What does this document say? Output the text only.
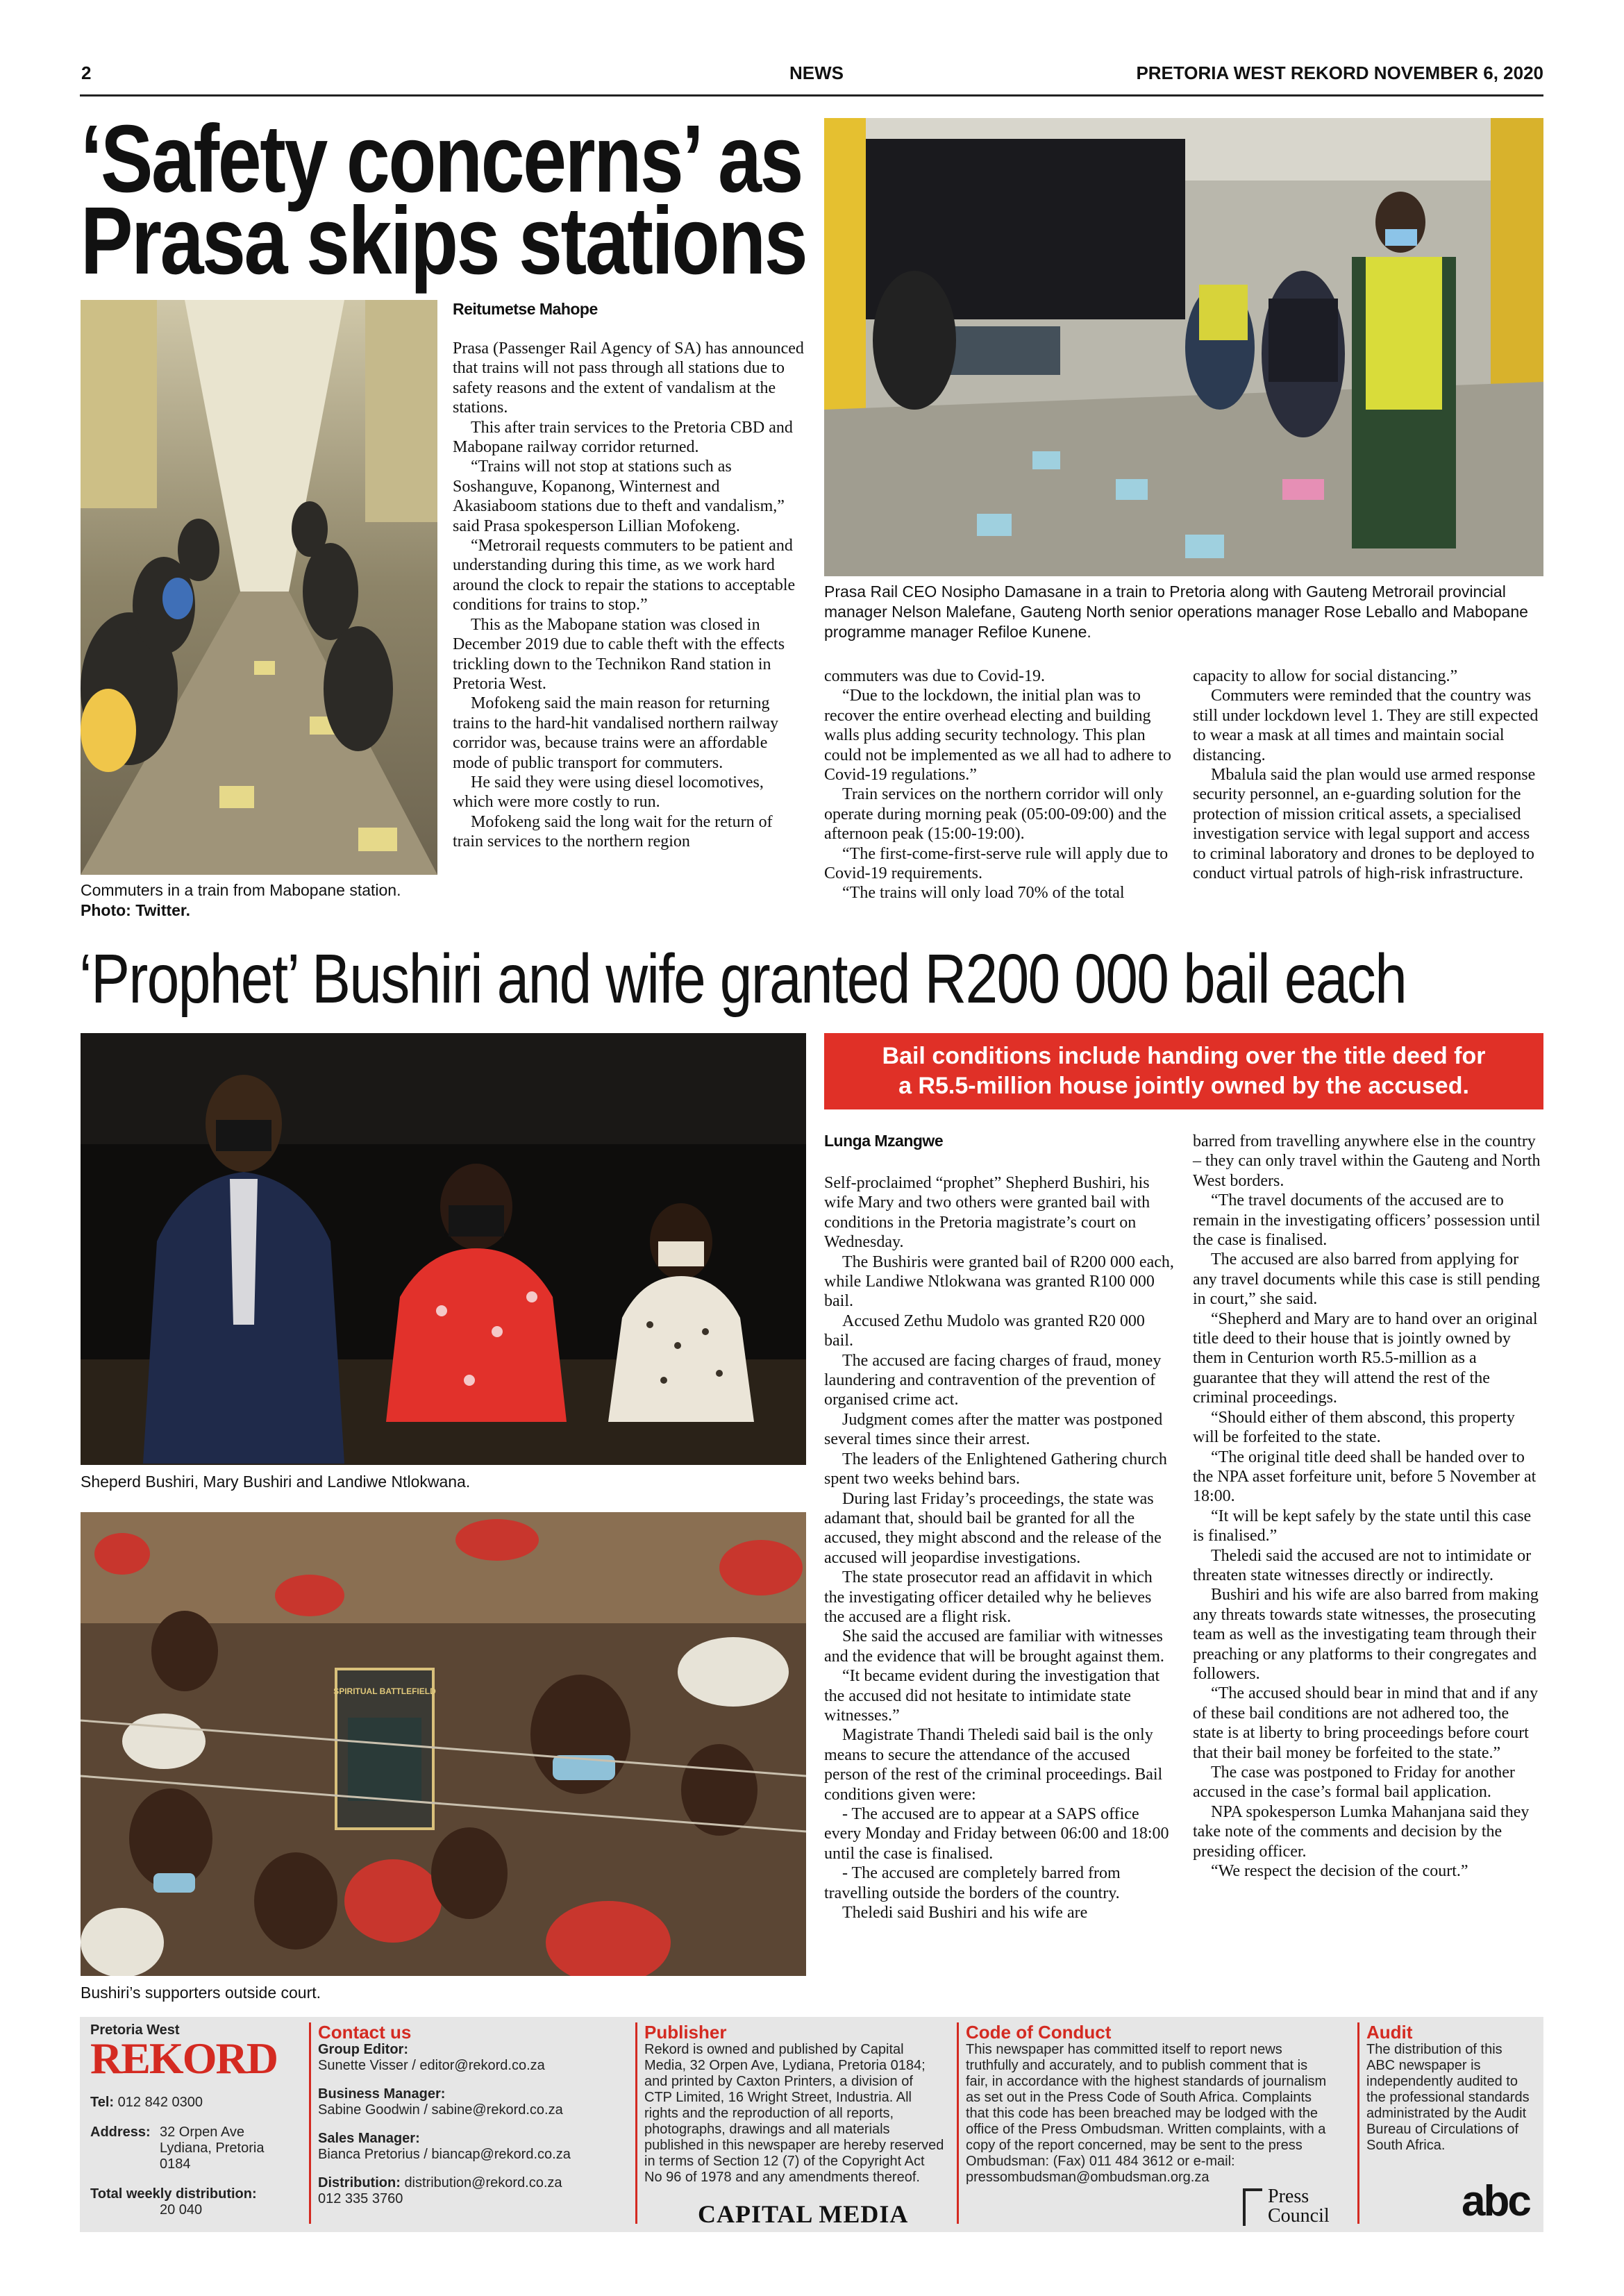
2	NEWS	PRETORIA WEST REKORD NOVEMBER 6, 2020
‘Safety concerns’ as
Prasa skips stations
Commuters in a train from Mabopane station. Photo: Twitter.
Reitumetse Mahope

Prasa (Passenger Rail Agency of SA) has announced that trains will not pass through all stations due to safety reasons and the extent of vandalism at the stations.

This after train services to the Pretoria CBD and Mabopane railway corridor returned.

“Trains will not stop at stations such as Soshanguve, Kopanong, Winternest and Akasiaboom stations due to theft and vandalism,” said Prasa spokesperson Lillian Mofokeng.

“Metrorail requests commuters to be patient and understanding during this time, as we work hard around the clock to repair the stations to acceptable conditions for trains to stop.”

This as the Mabopane station was closed in December 2019 due to cable theft with the effects trickling down to the Technikon Rand station in Pretoria West.

Mofokeng said the main reason for returning trains to the hard-hit vandalised northern railway corridor was, because trains were an affordable mode of public transport for commuters.

He said they were using diesel locomotives, which were more costly to run.

Mofokeng said the long wait for the return of train services to the northern region

Prasa Rail CEO Nosipho Damasane in a train to Pretoria along with Gauteng Metrorail provincial manager Nelson Malefane, Gauteng North senior operations manager Rose Leballo and Mabopane programme manager Refiloe Kunene.

commuters was due to Covid-19.

“Due to the lockdown, the initial plan was to recover the entire overhead electing and building walls plus adding security technology. This plan could not be implemented as we all had to adhere to Covid-19 regulations.”

Train services on the northern corridor will only operate during morning peak (05:00-09:00) and the afternoon peak (15:00-19:00).

“The first-come-first-serve rule will apply due to Covid-19 requirements.

“The trains will only load 70% of the total

capacity to allow for social distancing.”

Commuters were reminded that the country was still under lockdown level 1. They are still expected to wear a mask at all times and maintain social distancing.

Mbalula said the plan would use armed response security personnel, an e-guarding solution for the protection of mission critical assets, a specialised investigation service with legal support and access to criminal laboratory and drones to be deployed to conduct virtual patrols of high-risk infrastructure.

‘Prophet’ Bushiri and wife granted R200 000 bail each
Bail conditions include handing over the title deed for
a R5.5-million house jointly owned by the accused.
Sheperd Bushiri, Mary Bushiri and Landiwe Ntlokwana.
SPIRITUAL BATTLEFIELD
Bushiri’s supporters outside court.
Lunga Mzangwe

Self-proclaimed “prophet” Shepherd Bushiri, his wife Mary and two others were granted bail with conditions in the Pretoria magistrate’s court on Wednesday.

The Bushiris were granted bail of R200 000 each, while Landiwe Ntlokwana was granted R100 000 bail.

Accused Zethu Mudolo was granted R20 000 bail.

The accused are facing charges of fraud, money laundering and contravention of the prevention of organised crime act.

Judgment comes after the matter was postponed several times since their arrest.

The leaders of the Enlightened Gathering church spent two weeks behind bars.

During last Friday’s proceedings, the state was adamant that, should bail be granted for all the accused, they might abscond and the release of the accused will jeopardise investigations.

The state prosecutor read an affidavit in which the investigating officer detailed why he believes the accused are a flight risk.

She said the accused are familiar with witnesses and the evidence that will be brought against them.

“It became evident during the investigation that the accused did not hesitate to intimidate state witnesses.”

Magistrate Thandi Theledi said bail is the only means to secure the attendance of the accused person of the rest of the criminal proceedings. Bail conditions given were:

- The accused are to appear at a SAPS office every Monday and Friday between 06:00 and 18:00 until the case is finalised.

- The accused are completely barred from travelling outside the borders of the country.

Theledi said Bushiri and his wife are

barred from travelling anywhere else in the country – they can only travel within the Gauteng and North West borders.

“The travel documents of the accused are to remain in the investigating officers’ possession until the case is finalised.

The accused are also barred from applying for any travel documents while this case is still pending in court,” she said.

“Shepherd and Mary are to hand over an original title deed to their house that is jointly owned by them in Centurion worth R5.5-million as a guarantee that they will attend the rest of the criminal proceedings.

“Should either of them abscond, this property will be forfeited to the state.

“The original title deed shall be handed over to the NPA asset forfeiture unit, before 5 November at 18:00.

“It will be kept safely by the state until this case is finalised.”

Theledi said the accused are not to intimidate or threaten state witnesses directly or indirectly.

Bushiri and his wife are also barred from making any threats towards state witnesses, the prosecuting team as well as the investigating team through their preaching or any platforms to their congregates and followers.

“The accused should bear in mind that and if any of these bail conditions are not adhered too, the state is at liberty to bring proceedings before court that their bail money be forfeited to the state.”

The case was postponed to Friday for another accused in the case’s formal bail application.

NPA spokesperson Lumka Mahanjana said they take note of the comments and decision by the presiding officer.

“We respect the decision of the court.”

Pretoria West
REKORD
Tel: 012 842 0300
Address: 32 Orpen Ave
Lydiana, Pretoria
0184
Total weekly distribution:
20 040
Contact us
Group Editor:
Sunette Visser / editor@rekord.co.za
Business Manager:
Sabine Goodwin / sabine@rekord.co.za
Sales Manager:
Bianca Pretorius / biancap@rekord.co.za
Distribution: distribution@rekord.co.za
012 335 3760
Publisher
Rekord is owned and published by Capital Media, 32 Orpen Ave, Lydiana, Pretoria 0184; and printed by Caxton Printers, a division of CTP Limited, 16 Wright Street, Industria. All rights and the reproduction of all reports, photographs, drawings and all materials published in this newspaper are hereby reserved in terms of Section 12 (7) of the Copyright Act No 96 of 1978 and any amendments thereof.
CAPITAL MEDIA
Code of Conduct
This newspaper has committed itself to report news truthfully and accurately, and to publish comment that is fair, in accordance with the highest standards of journalism as set out in the Press Code of South Africa. Complaints that this code has been breached may be lodged with the office of the Press Ombudsman. Written complaints, with a copy of the report concerned, may be sent to the press Ombudsman: (Fax) 011 484 3612 or e-mail: pressombudsman@ombudsman.org.za
Press
Council
Audit
The distribution of this ABC newspaper is independently audited to the professional standards administrated by the Audit Bureau of Circulations of South Africa.
abc
